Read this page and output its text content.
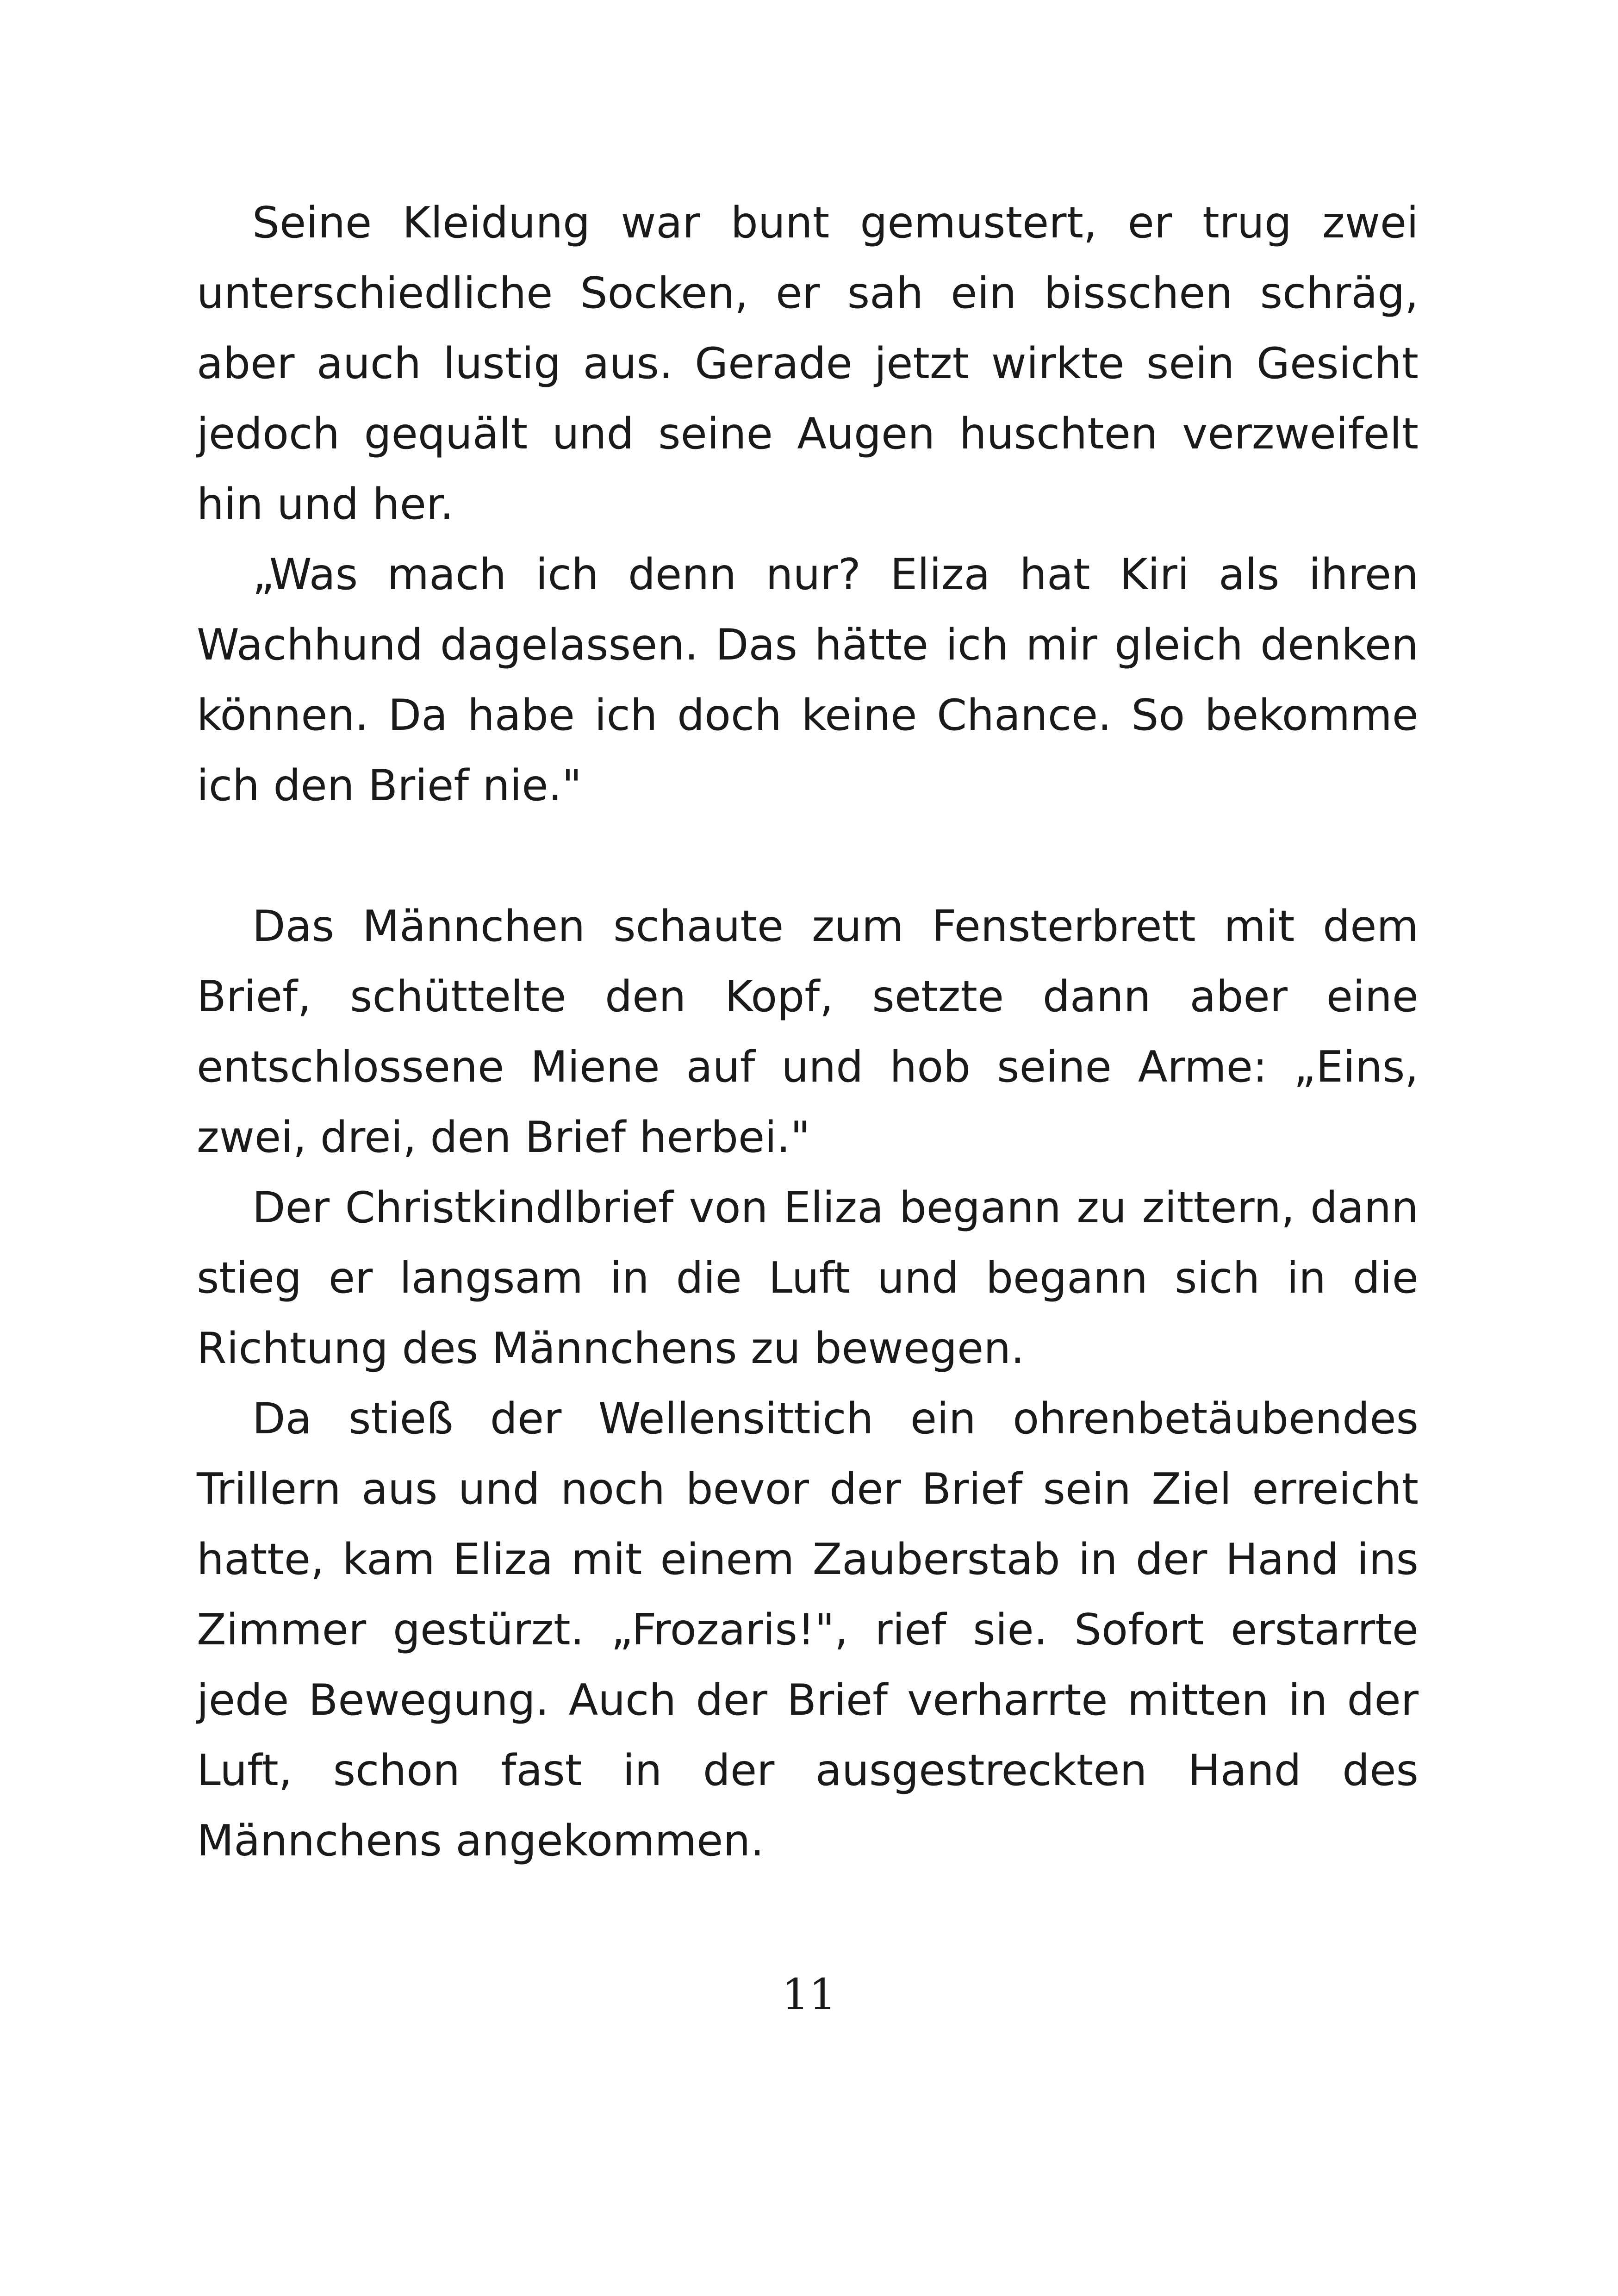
Seine Kleidung war bunt gemustert, er trug zwei unterschiedliche Socken, er sah ein bisschen schräg, aber auch lustig aus. Gerade jetzt wirkte sein Gesicht jedoch gequält und seine Augen huschten verzweifelt hin und her.

„Was mach ich denn nur? Eliza hat Kiri als ihren Wachhund dagelassen. Das hätte ich mir gleich denken können. Da habe ich doch keine Chance. So bekomme ich den Brief nie."

Das Männchen schaute zum Fensterbrett mit dem Brief, schüttelte den Kopf, setzte dann aber eine entschlossene Miene auf und hob seine Arme: „Eins, zwei, drei, den Brief herbei."

Der Christkindlbrief von Eliza begann zu zittern, dann stieg er langsam in die Luft und begann sich in die Richtung des Männchens zu bewegen.

Da stieß der Wellensittich ein ohrenbetäubendes Trillern aus und noch bevor der Brief sein Ziel erreicht hatte, kam Eliza mit einem Zauberstab in der Hand ins Zimmer gestürzt. „Frozaris!", rief sie. Sofort erstarrte jede Bewegung. Auch der Brief verharrte mitten in der Luft, schon fast in der ausgestreckten Hand des Männchens angekommen.

11
